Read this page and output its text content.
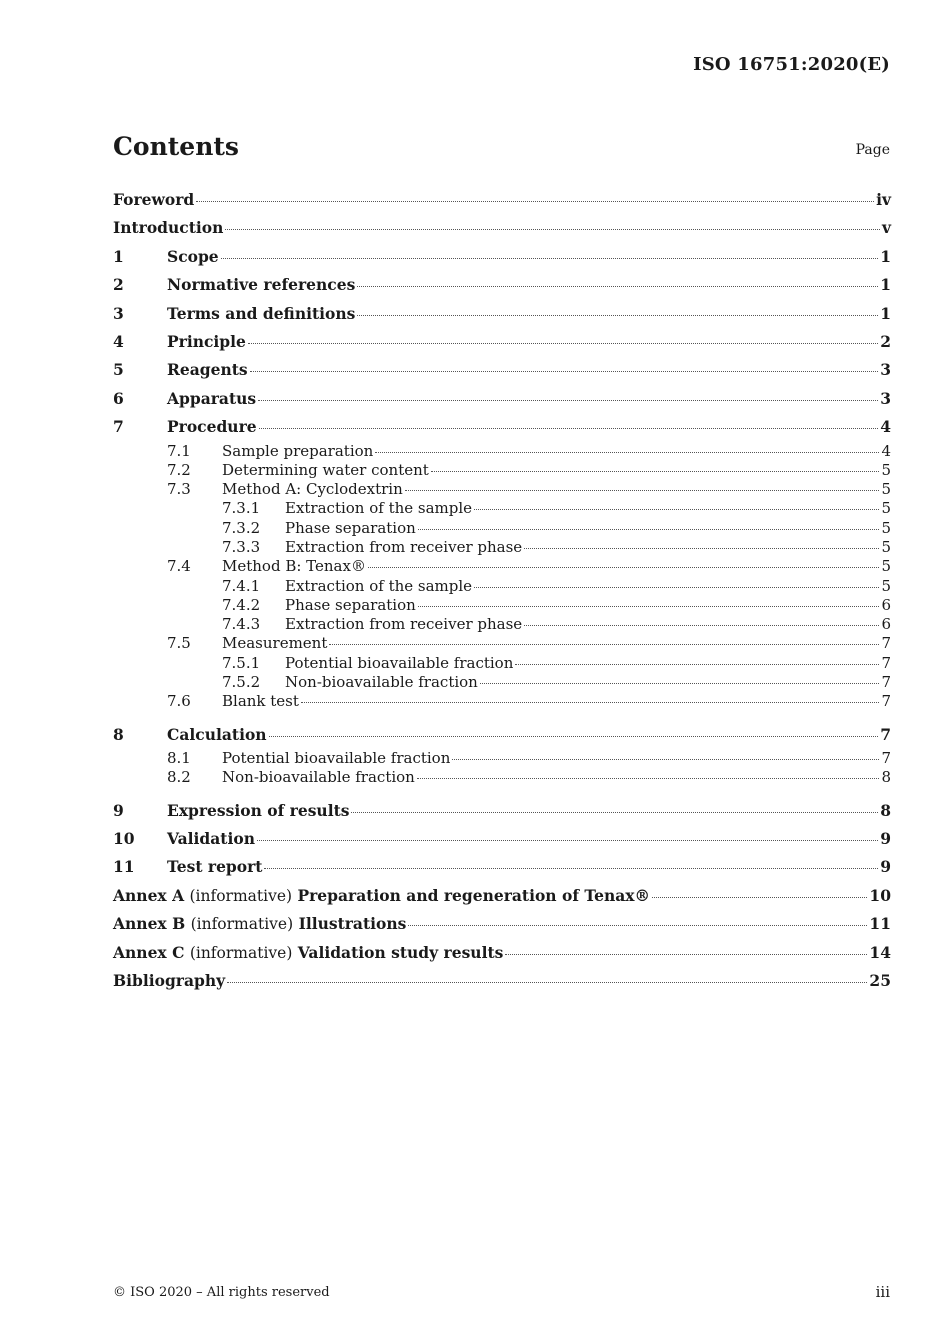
ISO 16751:2020(E)
Contents	Page
Foreword	iv
Introduction	v
1	Scope	1
2	Normative references	1
3	Terms and definitions	1
4	Principle	2
5	Reagents	3
6	Apparatus	3
7	Procedure	4
7.1	Sample preparation	4
7.2	Determining water content	5
7.3	Method A: Cyclodextrin	5
7.3.1	Extraction of the sample	5
7.3.2	Phase separation	5
7.3.3	Extraction from receiver phase	5
7.4	Method B: Tenax®	5
7.4.1	Extraction of the sample	5
7.4.2	Phase separation	6
7.4.3	Extraction from receiver phase	6
7.5	Measurement	7
7.5.1	Potential bioavailable fraction	7
7.5.2	Non-bioavailable fraction	7
7.6	Blank test	7
8	Calculation	7
8.1	Potential bioavailable fraction	7
8.2	Non-bioavailable fraction	8
9	Expression of results	8
10	Validation	9
11	Test report	9
Annex A (informative) Preparation and regeneration of Tenax®	10
Annex B (informative) Illustrations	11
Annex C (informative) Validation study results	14
Bibliography	25
© ISO 2020 – All rights reserved	iii
